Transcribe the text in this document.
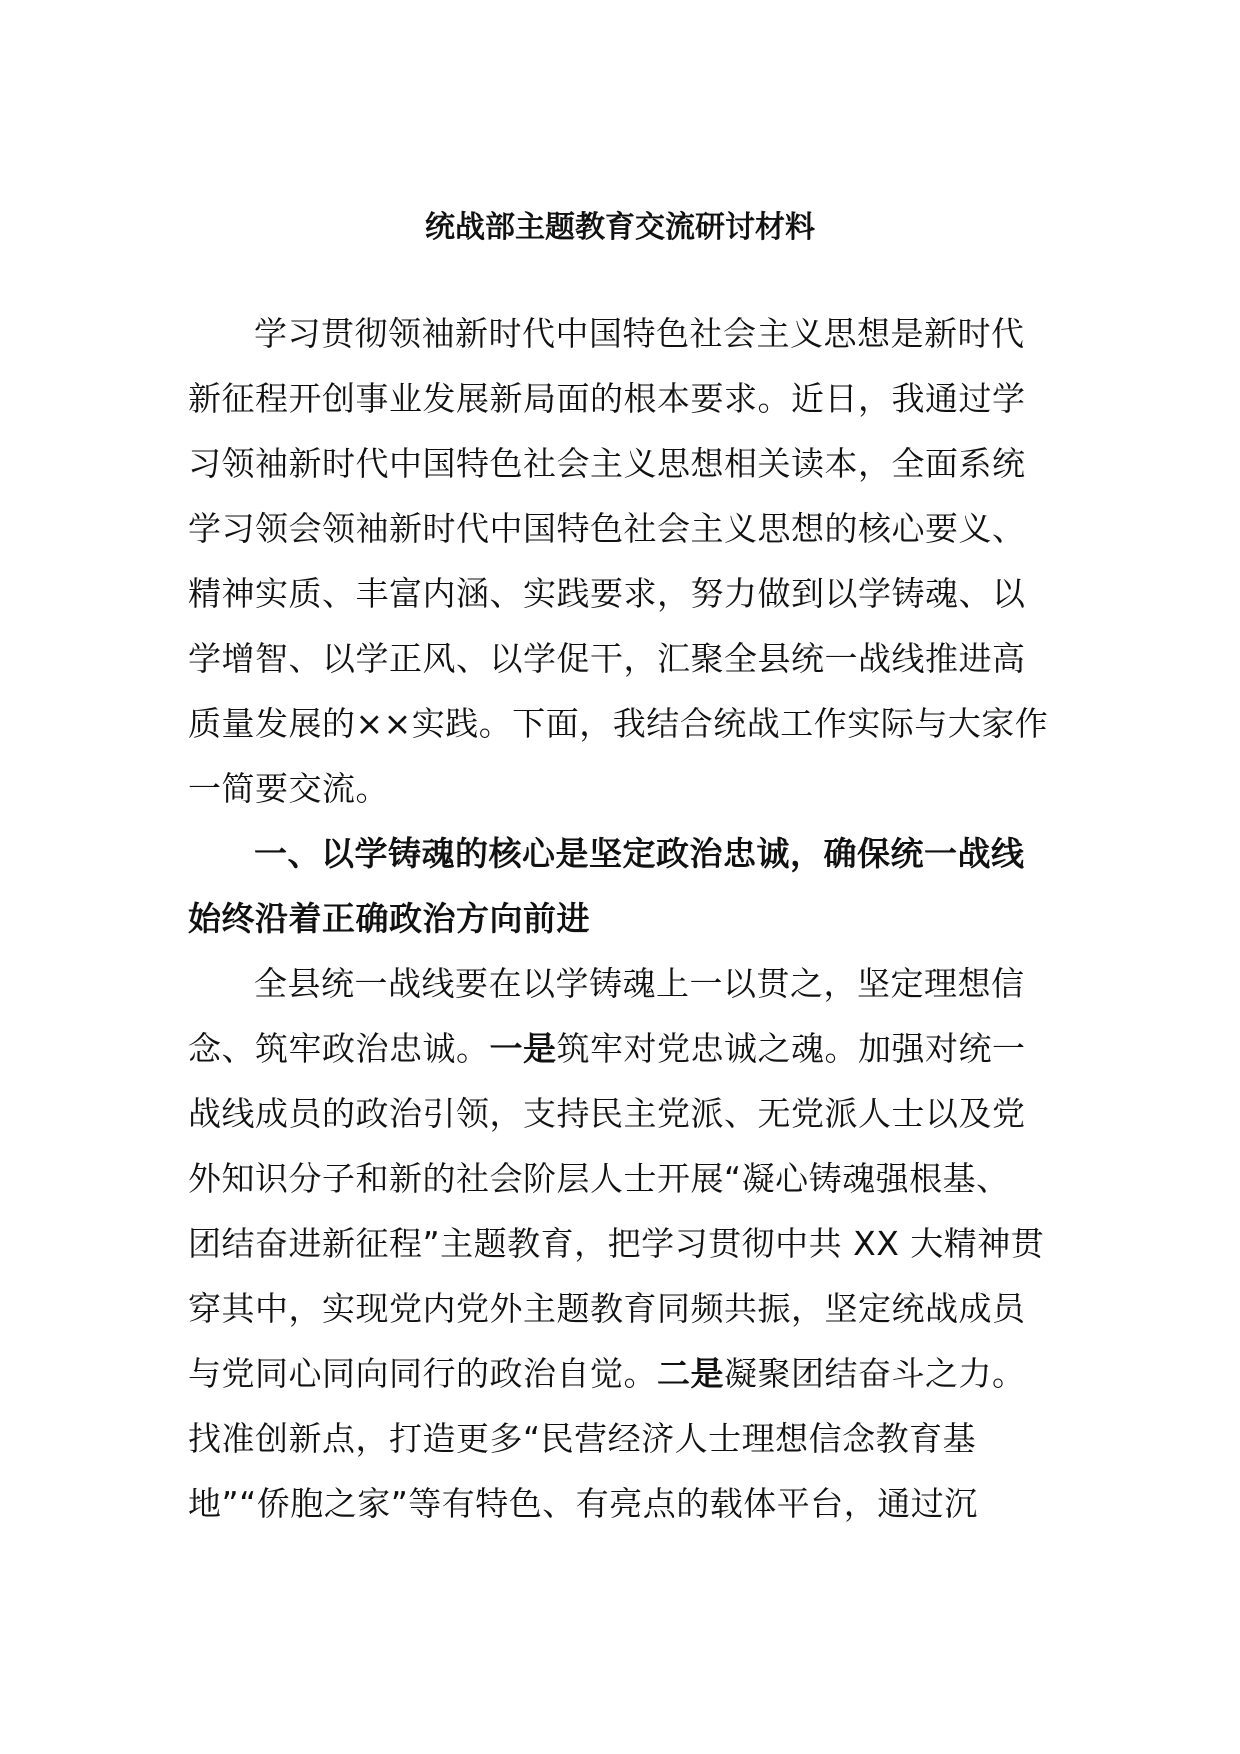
统战部主题教育交流研讨材料
学习贯彻领袖新时代中国特色社会主义思想是新时代
新征程开创事业发展新局面的根本要求。近日，我通过学
习领袖新时代中国特色社会主义思想相关读本，全面系统
学习领会领袖新时代中国特色社会主义思想的核心要义、
精神实质、丰富内涵、实践要求，努力做到以学铸魂、以
学增智、以学正风、以学促干，汇聚全县统一战线推进高
质量发展的××实践。下面，我结合统战工作实际与大家作
一简要交流。
一、以学铸魂的核心是坚定政治忠诚，确保统一战线
始终沿着正确政治方向前进
全县统一战线要在以学铸魂上一以贯之，坚定理想信
念、筑牢政治忠诚。一是筑牢对党忠诚之魂。加强对统一
战线成员的政治引领，支持民主党派、无党派人士以及党
外知识分子和新的社会阶层人士开展“凝心铸魂强根基、
团结奋进新征程”主题教育，把学习贯彻中共 XX 大精神贯
穿其中，实现党内党外主题教育同频共振，坚定统战成员
与党同心同向同行的政治自觉。二是凝聚团结奋斗之力。
找准创新点，打造更多“民营经济人士理想信念教育基
地”“侨胞之家”等有特色、有亮点的载体平台，通过沉
